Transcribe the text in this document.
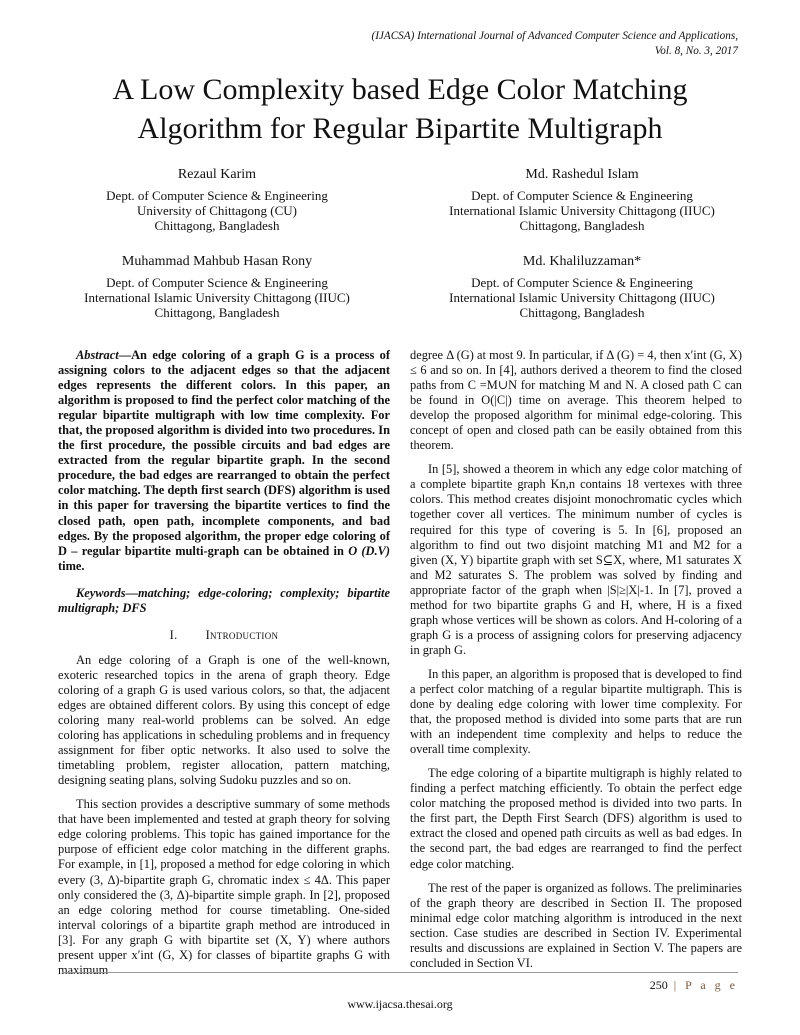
(IJACSA) International Journal of Advanced Computer Science and Applications,
Vol. 8, No. 3, 2017
A Low Complexity based Edge Color Matching
Algorithm for Regular Bipartite Multigraph
Rezaul Karim
Dept. of Computer Science & Engineering
University of Chittagong (CU)
Chittagong, Bangladesh
Md. Rashedul Islam
Dept. of Computer Science & Engineering
International Islamic University Chittagong (IIUC)
Chittagong, Bangladesh
Muhammad Mahbub Hasan Rony
Dept. of Computer Science & Engineering
International Islamic University Chittagong (IIUC)
Chittagong, Bangladesh
Md. Khaliluzzaman*
Dept. of Computer Science & Engineering
International Islamic University Chittagong (IIUC)
Chittagong, Bangladesh

Abstract—An edge coloring of a graph G is a process of assigning colors to the adjacent edges so that the adjacent edges represents the different colors. In this paper, an algorithm is proposed to find the perfect color matching of the regular bipartite multigraph with low time complexity. For that, the proposed algorithm is divided into two procedures. In the first procedure, the possible circuits and bad edges are extracted from the regular bipartite graph. In the second procedure, the bad edges are rearranged to obtain the perfect color matching. The depth first search (DFS) algorithm is used in this paper for traversing the bipartite vertices to find the closed path, open path, incomplete components, and bad edges. By the proposed algorithm, the proper edge coloring of D – regular bipartite multi-graph can be obtained in O (D.V) time.

Keywords—matching; edge-coloring; complexity; bipartite multigraph; DFS

I. Introduction

An edge coloring of a Graph is one of the well-known, exoteric researched topics in the arena of graph theory. Edge coloring of a graph G is used various colors, so that, the adjacent edges are obtained different colors. By using this concept of edge coloring many real-world problems can be solved. An edge coloring has applications in scheduling problems and in frequency assignment for fiber optic networks. It also used to solve the timetabling problem, register allocation, pattern matching, designing seating plans, solving Sudoku puzzles and so on.

This section provides a descriptive summary of some methods that have been implemented and tested at graph theory for solving edge coloring problems. This topic has gained importance for the purpose of efficient edge color matching in the different graphs. For example, in [1], proposed a method for edge coloring in which every (3, Δ)-bipartite graph G, chromatic index ≤ 4Δ. This paper only considered the (3, Δ)-bipartite simple graph. In [2], proposed an edge coloring method for course timetabling. One-sided interval colorings of a bipartite graph method are introduced in [3]. For any graph G with bipartite set (X, Y) where authors present upper x′int (G, X) for classes of bipartite graphs G with maximum

degree Δ (G) at most 9. In particular, if Δ (G) = 4, then x′int (G, X) ≤ 6 and so on. In [4], authors derived a theorem to find the closed paths from C =M∪N for matching M and N. A closed path C can be found in O(|C|) time on average. This theorem helped to develop the proposed algorithm for minimal edge-coloring. This concept of open and closed path can be easily obtained from this theorem.

In [5], showed a theorem in which any edge color matching of a complete bipartite graph Kn,n contains 18 vertexes with three colors. This method creates disjoint monochromatic cycles which together cover all vertices. The minimum number of cycles is required for this type of covering is 5. In [6], proposed an algorithm to find out two disjoint matching M1 and M2 for a given (X, Y) bipartite graph with set S⊆X, where, M1 saturates X and M2 saturates S. The problem was solved by finding and appropriate factor of the graph when |S|≥|X|-1. In [7], proved a method for two bipartite graphs G and H, where, H is a fixed graph whose vertices will be shown as colors. And H-coloring of a graph G is a process of assigning colors for preserving adjacency in graph G.

In this paper, an algorithm is proposed that is developed to find a perfect color matching of a regular bipartite multigraph. This is done by dealing edge coloring with lower time complexity. For that, the proposed method is divided into some parts that are run with an independent time complexity and helps to reduce the overall time complexity.

The edge coloring of a bipartite multigraph is highly related to finding a perfect matching efficiently. To obtain the perfect edge color matching the proposed method is divided into two parts. In the first part, the Depth First Search (DFS) algorithm is used to extract the closed and opened path circuits as well as bad edges. In the second part, the bad edges are rearranged to find the perfect edge color matching.

The rest of the paper is organized as follows. The preliminaries of the graph theory are described in Section II. The proposed minimal edge color matching algorithm is introduced in the next section. Case studies are described in Section IV. Experimental results and discussions are explained in Section V. The papers are concluded in Section VI.

250 | P a g e
www.ijacsa.thesai.org
